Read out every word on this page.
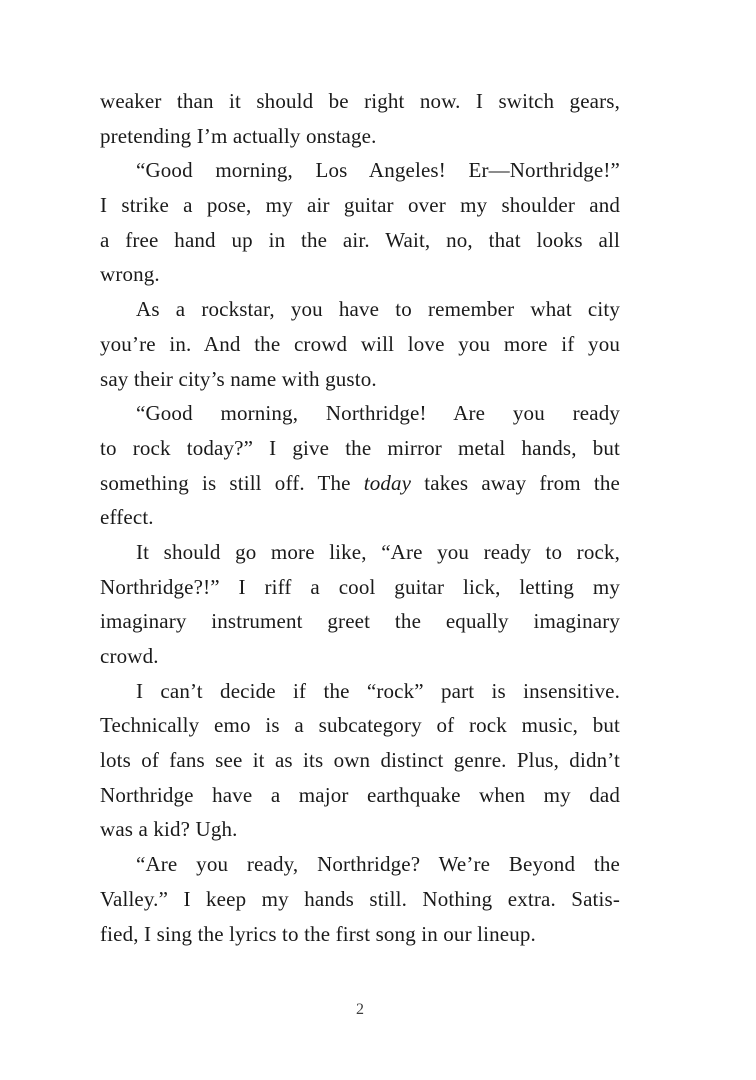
weaker than it should be right now. I switch gears,
pretending I’m actually onstage.
“Good morning, Los Angeles! Er—Northridge!”
I strike a pose, my air guitar over my shoulder and
a free hand up in the air. Wait, no, that looks all
wrong.
As a rockstar, you have to remember what city
you’re in. And the crowd will love you more if you
say their city’s name with gusto.
“Good morning, Northridge! Are you ready
to rock today?” I give the mirror metal hands, but
something is still off. The today takes away from the
effect.
It should go more like, “Are you ready to rock,
Northridge?!” I riff a cool guitar lick, letting my
imaginary instrument greet the equally imaginary
crowd.
I can’t decide if the “rock” part is insensitive.
Technically emo is a subcategory of rock music, but
lots of fans see it as its own distinct genre. Plus, didn’t
Northridge have a major earthquake when my dad
was a kid? Ugh.
“Are you ready, Northridge? We’re Beyond the
Valley.” I keep my hands still. Nothing extra. Satis-
fied, I sing the lyrics to the first song in our lineup.
2
